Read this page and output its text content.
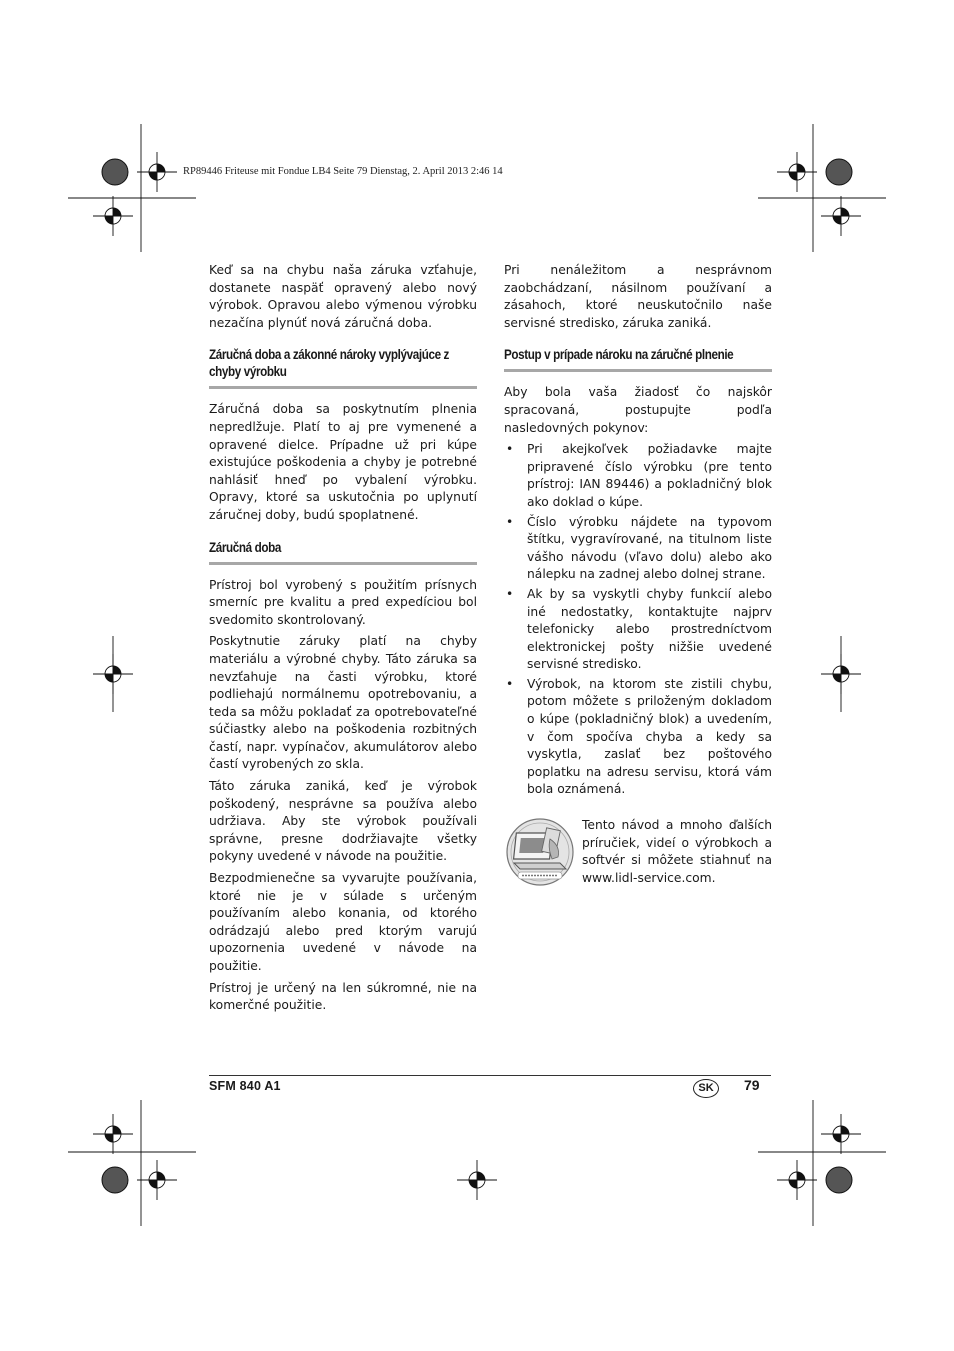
RP89446 Friteuse mit Fondue LB4 Seite 79 Dienstag, 2. April 2013 2:46 14

Keď sa na chybu naša záruka vzťahuje, dostanete naspäť opravený alebo nový výrobok. Opravou alebo výmenou výrobku nezačína plynúť nová záručná doba.

Záručná doba a zákonné nároky vyplývajúce z chyby výrobku

Záručná doba sa poskytnutím plnenia nepredlžuje. Platí to aj pre vymenené a opravené dielce. Prípadne už pri kúpe existujúce poškodenia a chyby je potrebné nahlásiť hneď po vybalení výrobku. Opravy, ktoré sa uskutočnia po uplynutí záručnej doby, budú spoplatnené.

Záručná doba

Prístroj bol vyrobený s použitím prísnych smerníc pre kvalitu a pred expedíciou bol svedomito skontrolovaný.

Poskytnutie záruky platí na chyby materiálu a výrobné chyby. Táto záruka sa nevzťahuje na časti výrobku, ktoré podliehajú normálnemu opotrebovaniu, a teda sa môžu pokladať za opotrebovateľné súčiastky alebo na poškodenia rozbitných častí, napr. vypínačov, akumulátorov alebo častí vyrobených zo skla.

Táto záruka zaniká, keď je výrobok poškodený, nesprávne sa používa alebo udržiava. Aby ste výrobok používali správne, presne dodržiavajte všetky pokyny uvedené v návode na použitie.

Bezpodmienečne sa vyvarujte používania, ktoré nie je v súlade s určeným používaním alebo konania, od ktorého odrádzajú alebo pred ktorým varujú upozornenia uvedené v návode na použitie.

Prístroj je určený na len súkromné, nie na komerčné použitie.

Pri nenáležitom a nesprávnom zaobchádzaní, násilnom používaní a zásahoch, ktoré neuskutočnilo naše servisné stredisko, záruka zaniká.

Postup v prípade nároku na záručné plnenie

Aby bola vaša žiadosť čo najskôr spracovaná, postupujte podľa nasledovných pokynov:

• Pri akejkoľvek požiadavke majte pripravené číslo výrobku (pre tento prístroj: IAN 89446) a pokladničný blok ako doklad o kúpe.
• Číslo výrobku nájdete na typovom štítku, vygravírované, na titulnom liste vášho návodu (vľavo dolu) alebo ako nálepku na zadnej alebo dolnej strane.
• Ak by sa vyskytli chyby funkcií alebo iné nedostatky, kontaktujte najprv telefonicky alebo prostredníctvom elektronickej pošty nižšie uvedené servisné stredisko.
• Výrobok, na ktorom ste zistili chybu, potom môžete s priloženým dokladom o kúpe (pokladničný blok) a uvedením, v čom spočíva chyba a kedy sa vyskytla, zaslať bez poštového poplatku na adresu servisu, ktorá vám bola oznámená.
Tento návod a mnoho ďalších príručiek, videí o výrobkoch a softvér si môžete stiahnuť na www.lidl-service.com.
SFM 840 A1	SK	79
